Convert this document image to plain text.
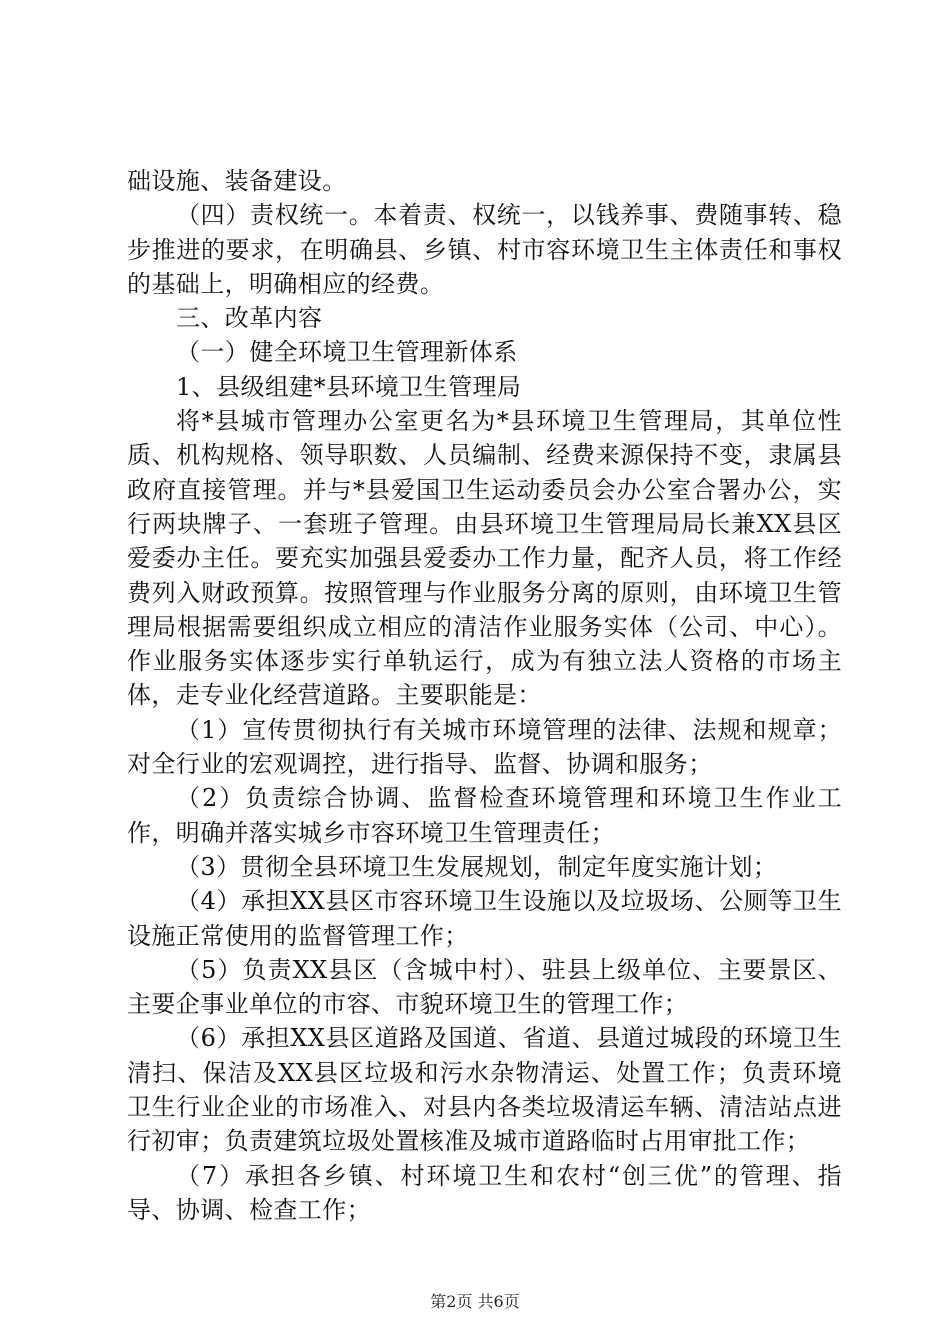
础设施、装备建设。

（四）责权统一。本着责、权统一，以钱养事、费随事转、稳步推进的要求，在明确县、乡镇、村市容环境卫生主体责任和事权的基础上，明确相应的经费。

三、改革内容

（一）健全环境卫生管理新体系

1、县级组建*县环境卫生管理局

将*县城市管理办公室更名为*县环境卫生管理局，其单位性质、机构规格、领导职数、人员编制、经费来源保持不变，隶属县政府直接管理。并与*县爱国卫生运动委员会办公室合署办公，实行两块牌子、一套班子管理。由县环境卫生管理局局长兼XX县区爱委办主任。要充实加强县爱委办工作力量，配齐人员，将工作经费列入财政预算。按照管理与作业服务分离的原则，由环境卫生管理局根据需要组织成立相应的清洁作业服务实体（公司、中心）。作业服务实体逐步实行单轨运行，成为有独立法人资格的市场主体，走专业化经营道路。主要职能是：

（1）宣传贯彻执行有关城市环境管理的法律、法规和规章；对全行业的宏观调控，进行指导、监督、协调和服务；

（2）负责综合协调、监督检查环境管理和环境卫生作业工作，明确并落实城乡市容环境卫生管理责任；

（3）贯彻全县环境卫生发展规划，制定年度实施计划；

（4）承担XX县区市容环境卫生设施以及垃圾场、公厕等卫生设施正常使用的监督管理工作；

（5）负责XX县区（含城中村）、驻县上级单位、主要景区、主要企事业单位的市容、市貌环境卫生的管理工作；

（6）承担XX县区道路及国道、省道、县道过城段的环境卫生清扫、保洁及XX县区垃圾和污水杂物清运、处置工作；负责环境卫生行业企业的市场准入、对县内各类垃圾清运车辆、清洁站点进行初审；负责建筑垃圾处置核准及城市道路临时占用审批工作；

（7）承担各乡镇、村环境卫生和农村“创三优”的管理、指导、协调、检查工作；

第2页 共6页
